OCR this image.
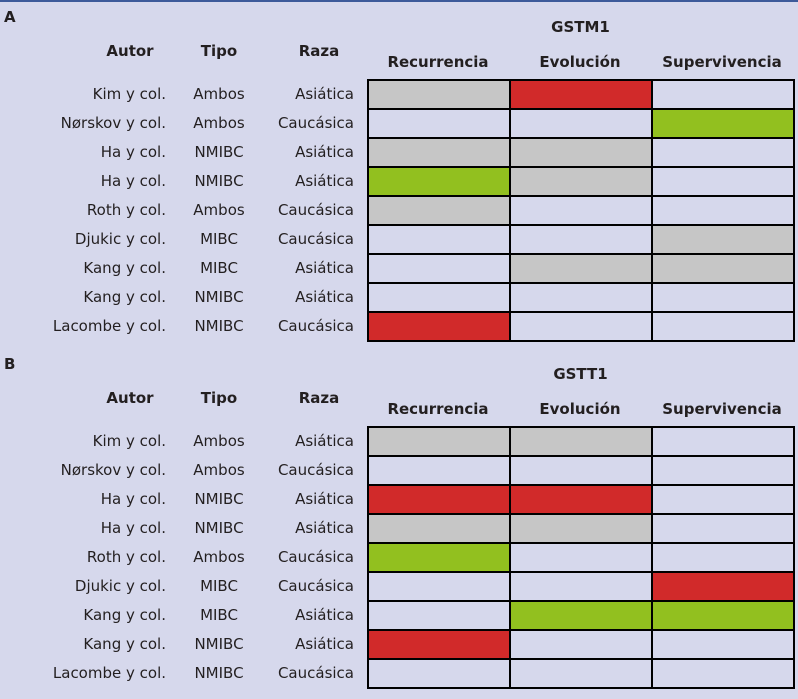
A
GSTM1
Autor	Tipo	Raza
Recurrencia	Evolución	Supervivencia
Kim y col.	Ambos	Asiática
Nørskov y col.	Ambos	Caucásica
Ha y col.	NMIBC	Asiática
Ha y col.	NMIBC	Asiática
Roth y col.	Ambos	Caucásica
Djukic y col.	MIBC	Caucásica
Kang y col.	MIBC	Asiática
Kang y col.	NMIBC	Asiática
Lacombe y col.	NMIBC	Caucásica
B
GSTT1
Autor	Tipo	Raza
Recurrencia	Evolución	Supervivencia
Kim y col.	Ambos	Asiática
Nørskov y col.	Ambos	Caucásica
Ha y col.	NMIBC	Asiática
Ha y col.	NMIBC	Asiática
Roth y col.	Ambos	Caucásica
Djukic y col.	MIBC	Caucásica
Kang y col.	MIBC	Asiática
Kang y col.	NMIBC	Asiática
Lacombe y col.	NMIBC	Caucásica
